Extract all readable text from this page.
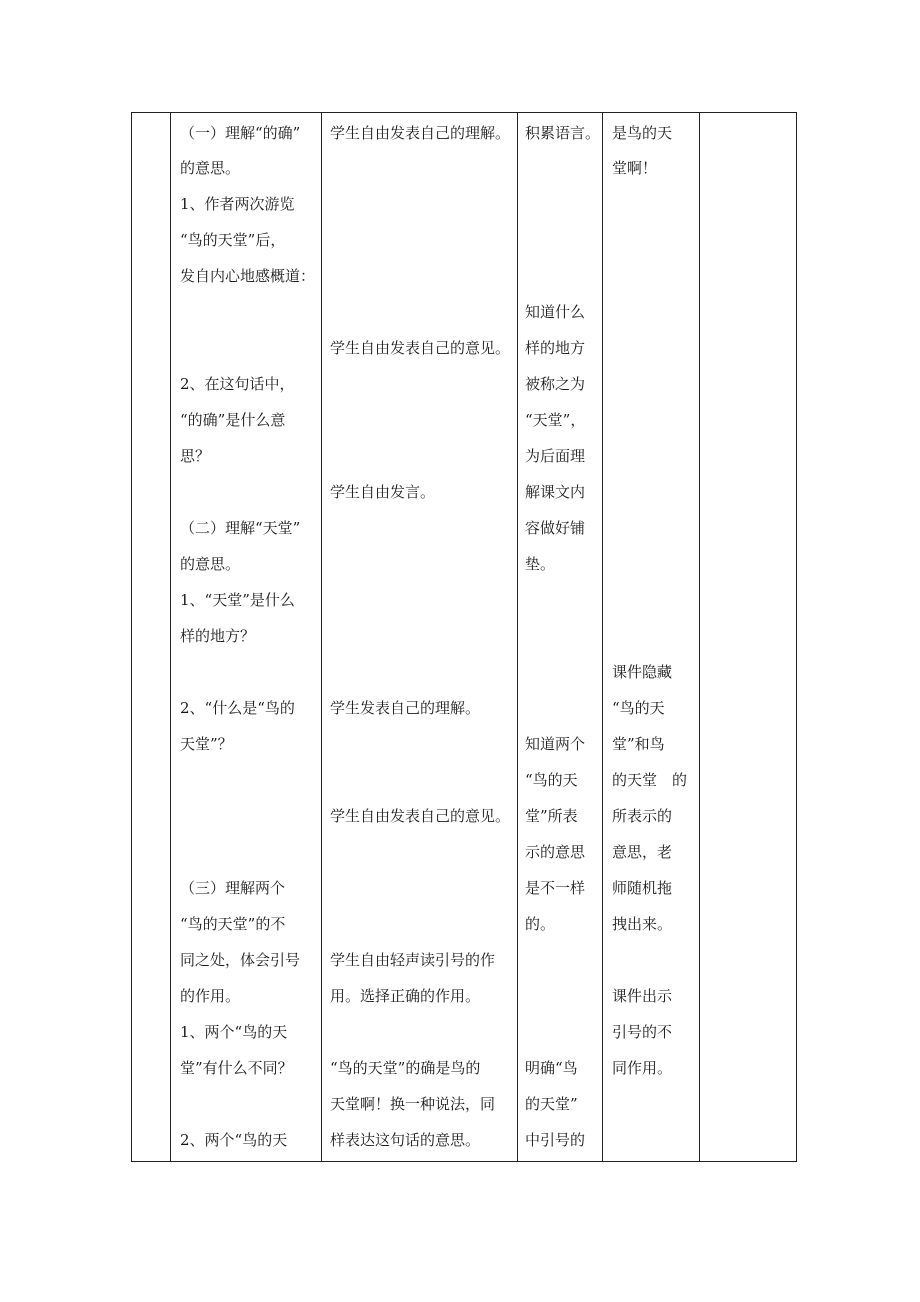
（一）理解“的确”
的意思。
1、作者两次游览
“鸟的天堂”后，
发自内心地感概道：
2、在这句话中，
“的确”是什么意
思？
（二）理解“天堂”
的意思。
1、“天堂”是什么
样的地方？
2、“什么是“鸟的
天堂”？
（三）理解两个
“鸟的天堂”的不
同之处，体会引号
的作用。
1、两个“鸟的天
堂”有什么不同？
2、两个“鸟的天
学生自由发表自己的理解。
学生自由发表自己的意见。
学生自由发言。
学生发表自己的理解。
学生自由发表自己的意见。
学生自由轻声读引号的作
用。选择正确的作用。
“鸟的天堂”的确是鸟的
天堂啊！换一种说法，同
样表达这句话的意思。
积累语言。
知道什么
样的地方
被称之为
“天堂”，
为后面理
解课文内
容做好铺
垫。
知道两个
“鸟的天
堂”所表
示的意思
是不一样
的。
明确“鸟
的天堂”
中引号的
是鸟的天
堂啊！
课件隐藏
“鸟的天
堂”和鸟
的天堂　的
所表示的
意思，老
师随机拖
拽出来。
课件出示
引号的不
同作用。
